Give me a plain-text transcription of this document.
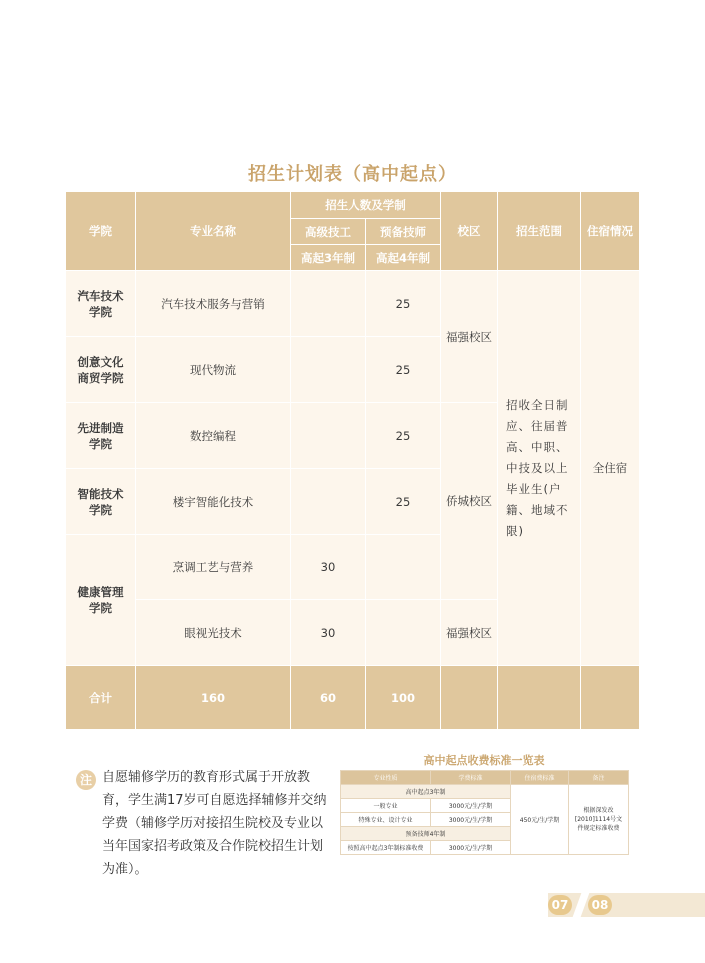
招生计划表（高中起点）
学院	专业名称	招生人数及学制		校区	招生范围	住宿情况
		高级技工	预备技师			
		高起3年制	高起4年制			
汽车技术学院	汽车技术服务与营销		25	福强校区	招收全日制应、往届普高、中职、中技及以上毕业生(户籍、地域不限)	全住宿
创意文化商贸学院	现代物流		25			
先进制造学院	数控编程		25	侨城校区		
智能技术学院	楼宇智能化技术		25			
健康管理学院	烹调工艺与营养	30				
	眼视光技术	30		福强校区		
合计	160	60	100			
注 自愿辅修学历的教育形式属于开放教育，学生满17岁可自愿选择辅修并交纳学费（辅修学历对接招生院校及专业以当年国家招考政策及合作院校招生计划为准）。
高中起点收费标准一览表
专业性质	学费标准	住宿费标准	备注
高中起点3年制		450元/生/学期	根据深发改[2010]1114号文件规定标准收费
一般专业	3000元/生/学期		
特殊专业、设计专业	3000元/生/学期		
预备技师4年制			
按照高中起点3年制标准收费	3000元/生/学期		
07	08
